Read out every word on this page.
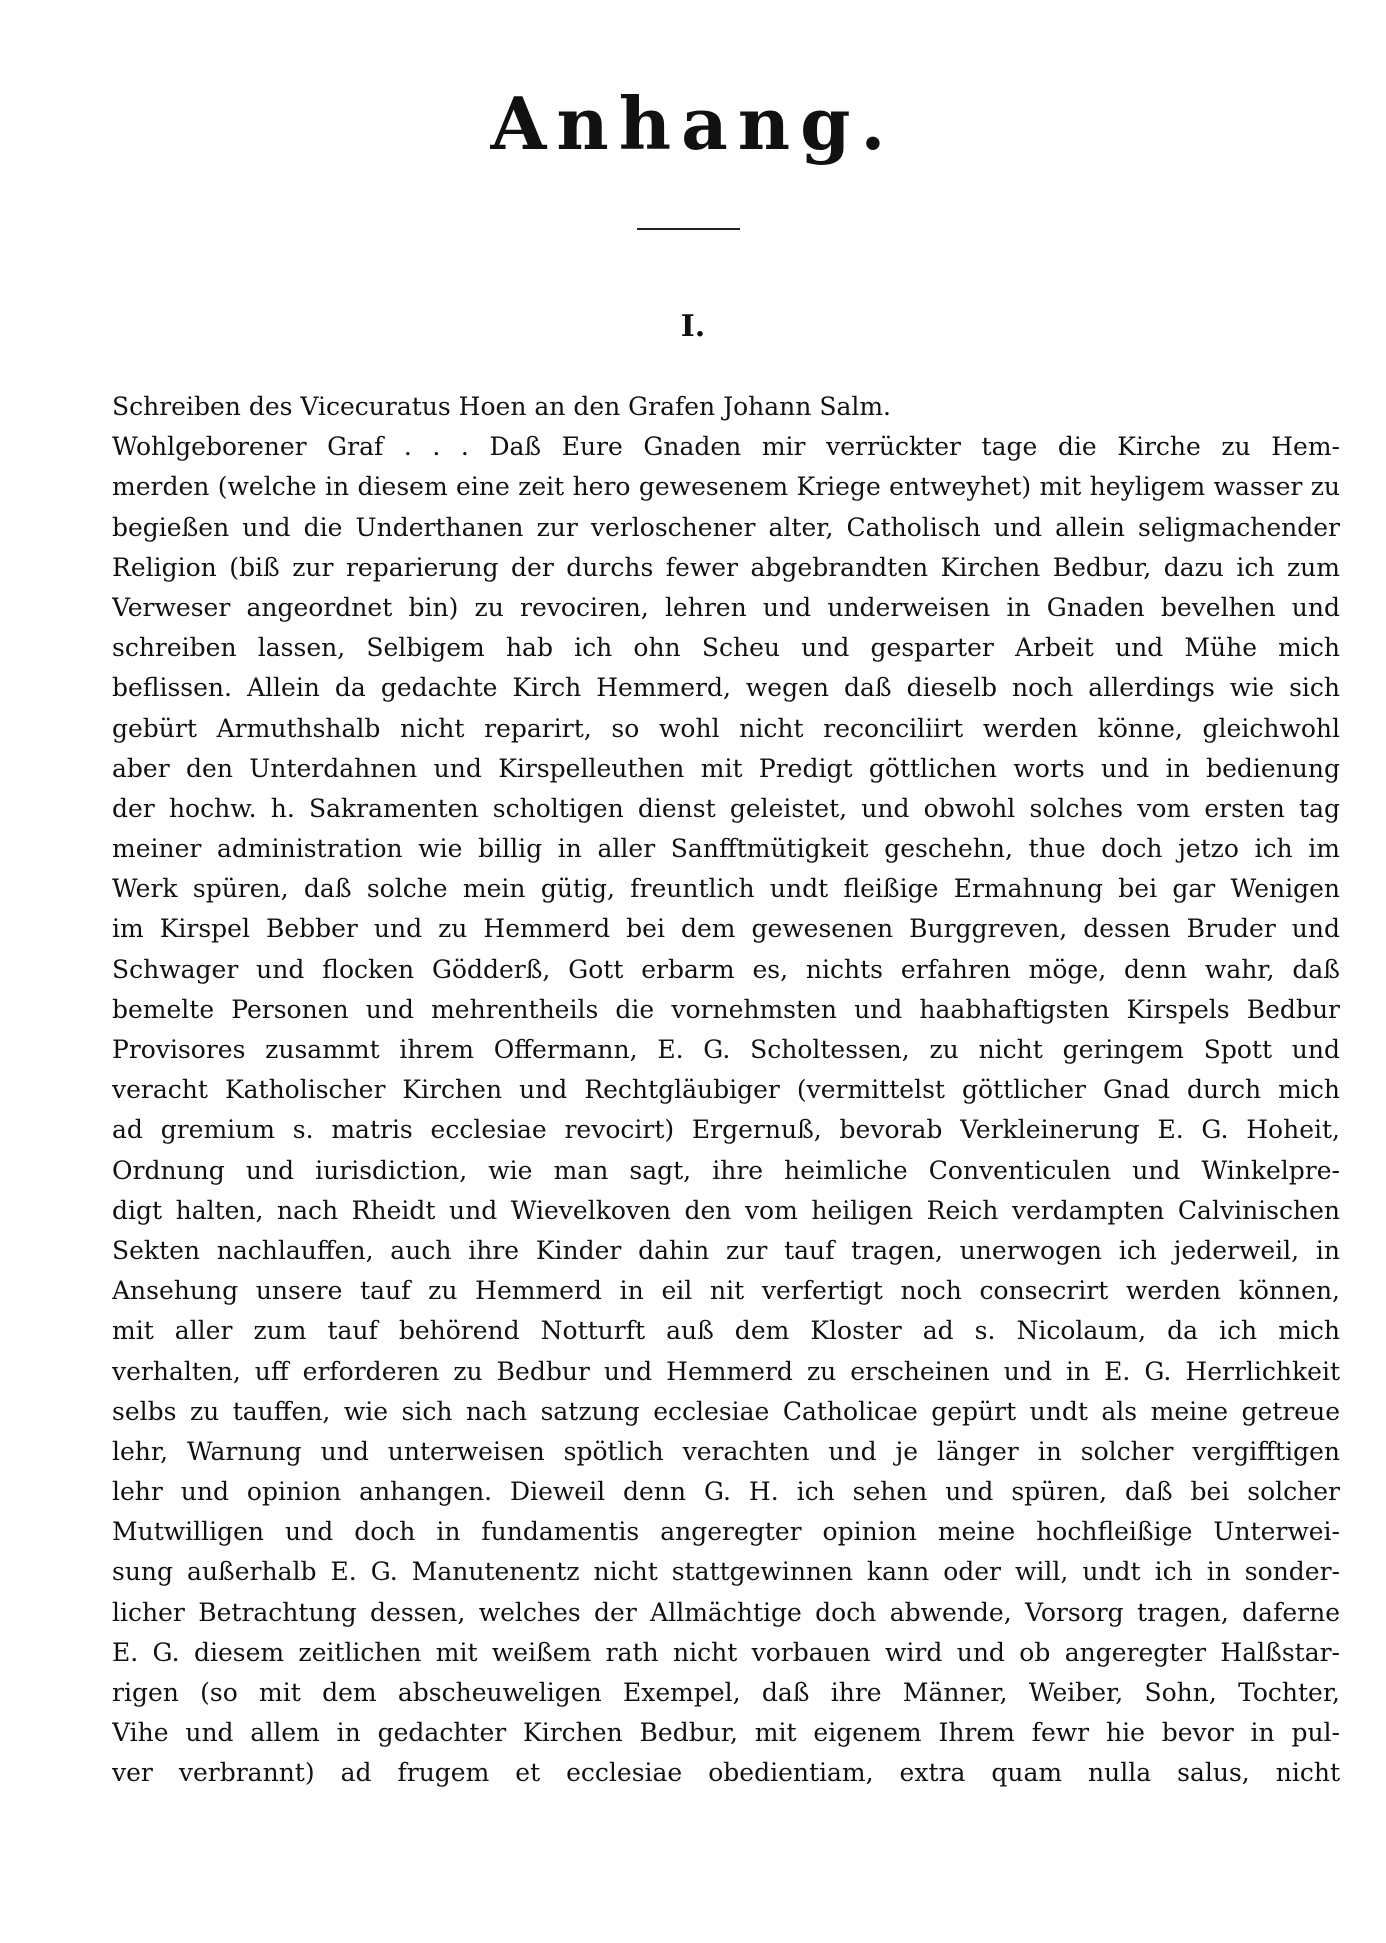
Anhang.
I.
Schreiben des Vicecuratus Hoen an den Grafen Johann Salm.
Wohlgeborener Graf . . . Daß Eure Gnaden mir verrückter tage die Kirche zu Hem-
merden (welche in diesem eine zeit hero gewesenem Kriege entweyhet) mit heyligem wasser zu
begießen und die Underthanen zur verloschener alter, Catholisch und allein seligmachender
Religion (biß zur reparierung der durchs fewer abgebrandten Kirchen Bedbur, dazu ich zum
Verweser angeordnet bin) zu revociren, lehren und underweisen in Gnaden bevelhen und
schreiben lassen, Selbigem hab ich ohn Scheu und gesparter Arbeit und Mühe mich
beflissen. Allein da gedachte Kirch Hemmerd, wegen daß dieselb noch allerdings wie sich
gebürt Armuthshalb nicht reparirt, so wohl nicht reconciliirt werden könne, gleichwohl
aber den Unterdahnen und Kirspelleuthen mit Predigt göttlichen worts und in bedienung
der hochw. h. Sakramenten scholtigen dienst geleistet, und obwohl solches vom ersten tag
meiner administration wie billig in aller Sanfftmütigkeit geschehn, thue doch jetzo ich im
Werk spüren, daß solche mein gütig, freuntlich undt fleißige Ermahnung bei gar Wenigen
im Kirspel Bebber und zu Hemmerd bei dem gewesenen Burggreven, dessen Bruder und
Schwager und flocken Gödderß, Gott erbarm es, nichts erfahren möge, denn wahr, daß
bemelte Personen und mehrentheils die vornehmsten und haabhaftigsten Kirspels Bedbur
Provisores zusammt ihrem Offermann, E. G. Scholtessen, zu nicht geringem Spott und
veracht Katholischer Kirchen und Rechtgläubiger (vermittelst göttlicher Gnad durch mich
ad gremium s. matris ecclesiae revocirt) Ergernuß, bevorab Verkleinerung E. G. Hoheit,
Ordnung und iurisdiction, wie man sagt, ihre heimliche Conventiculen und Winkelpre-
digt halten, nach Rheidt und Wievelkoven den vom heiligen Reich verdampten Calvinischen
Sekten nachlauffen, auch ihre Kinder dahin zur tauf tragen, unerwogen ich jederweil, in
Ansehung unsere tauf zu Hemmerd in eil nit verfertigt noch consecrirt werden können,
mit aller zum tauf behörend Notturft auß dem Kloster ad s. Nicolaum, da ich mich
verhalten, uff erforderen zu Bedbur und Hemmerd zu erscheinen und in E. G. Herrlichkeit
selbs zu tauffen, wie sich nach satzung ecclesiae Catholicae gepürt undt als meine getreue
lehr, Warnung und unterweisen spötlich verachten und je länger in solcher vergifftigen
lehr und opinion anhangen. Dieweil denn G. H. ich sehen und spüren, daß bei solcher
Mutwilligen und doch in fundamentis angeregter opinion meine hochfleißige Unterwei-
sung außerhalb E. G. Manutenentz nicht stattgewinnen kann oder will, undt ich in sonder-
licher Betrachtung dessen, welches der Allmächtige doch abwende, Vorsorg tragen, daferne
E. G. diesem zeitlichen mit weißem rath nicht vorbauen wird und ob angeregter Halßstar-
rigen (so mit dem abscheuweligen Exempel, daß ihre Männer, Weiber, Sohn, Tochter,
Vihe und allem in gedachter Kirchen Bedbur, mit eigenem Ihrem fewr hie bevor in pul-
ver verbrannt) ad frugem et ecclesiae obedientiam, extra quam nulla salus, nicht
